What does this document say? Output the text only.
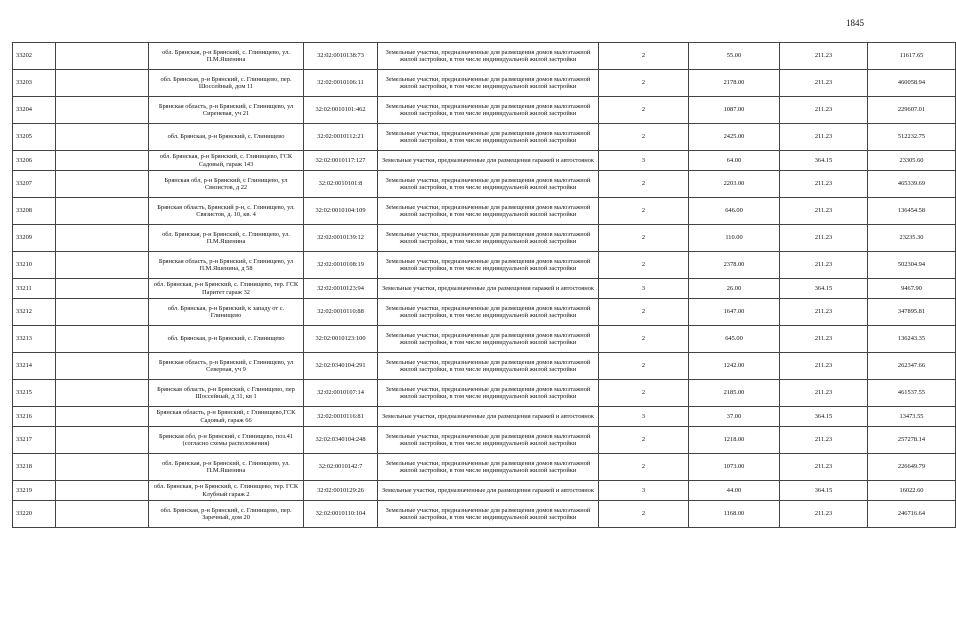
1845
33202		обл. Брянская, р-н Брянский, с. Глинищево, ул. П.М.Яшенина	32:02:0010138:73	Земельные участки, предназначенные для размещения домов малоэтажной жилой застройки, в том числе индивидуальной жилой застройки	2	55.00	211.23	11617.65
33203		обл. Брянская, р-н Брянский, с. Глинищево, пер. Шоссейный, дом 11	32:02:0010106:11	Земельные участки, предназначенные для размещения домов малоэтажной жилой застройки, в том числе индивидуальной жилой застройки	2	2178.00	211.23	460058.94
33204		Брянская область, р-н Брянский, с Глинищево, ул Сиреневая, уч 21	32:02:0010101:462	Земельные участки, предназначенные для размещения домов малоэтажной жилой застройки, в том числе индивидуальной жилой застройки	2	1087.00	211.23	229607.01
33205		обл. Брянская, р-н Брянский, с. Глинищево	32:02:0010112:21	Земельные участки, предназначенные для размещения домов малоэтажной жилой застройки, в том числе индивидуальной жилой застройки	2	2425.00	211.23	512232.75
33206		обл. Брянская, р-н Брянский, с. Глинищево, ГСК Садовый, гараж 143	32:02:0010117:127	Земельные участки, предназначенные для размещения гаражей и автостоянок	3	64.00	364.15	23305.60
33207		Брянская обл, р-н Брянский, с Глинищево, ул Связистов, д 22	32:02:0010101:8	Земельные участки, предназначенные для размещения домов малоэтажной жилой застройки, в том числе индивидуальной жилой застройки	2	2203.00	211.23	465339.69
33208		Брянская область, Брянский р-н, с. Глинищево, ул. Связистов, д. 10, кв. 4	32:02:0010104:109	Земельные участки, предназначенные для размещения домов малоэтажной жилой застройки, в том числе индивидуальной жилой застройки	2	646.00	211.23	136454.58
33209		обл. Брянская, р-н Брянский, с. Глинищево, ул. П.М.Яшенина	32:02:0010139:12	Земельные участки, предназначенные для размещения домов малоэтажной жилой застройки, в том числе индивидуальной жилой застройки	2	110.00	211.23	23235.30
33210		Брянская область, р-н Брянский, с Глинищево, ул П.М.Яшенина, д 58	32:02:0010108:19	Земельные участки, предназначенные для размещения домов малоэтажной жилой застройки, в том числе индивидуальной жилой застройки	2	2378.00	211.23	502304.94
33211		обл. Брянская, р-н Брянский, с. Глинищево, тер. ГСК Паритет гараж 32	32:02:0010123:94	Земельные участки, предназначенные для размещения гаражей и автостоянок	3	26.00	364.15	9467.90
33212		обл. Брянская, р-н Брянский, к западу от с. Глинищево	32:02:0010110:88	Земельные участки, предназначенные для размещения домов малоэтажной жилой застройки, в том числе индивидуальной жилой застройки	2	1647.00	211.23	347895.81
33213		обл. Брянская, р-н Брянский, с. Глинищево	32:02:0010123:100	Земельные участки, предназначенные для размещения домов малоэтажной жилой застройки, в том числе индивидуальной жилой застройки	2	645.00	211.23	136243.35
33214		Брянская область, р-н Брянский, с Глинищево, ул Северная, уч 9	32:02:0340104:291	Земельные участки, предназначенные для размещения домов малоэтажной жилой застройки, в том числе индивидуальной жилой застройки	2	1242.00	211.23	262347.66
33215		Брянская область, р-н Брянский, с Глинищево, пер Шоссейный, д 31, кв 1	32:02:0010107:14	Земельные участки, предназначенные для размещения домов малоэтажной жилой застройки, в том числе индивидуальной жилой застройки	2	2185.00	211.23	461537.55
33216		Брянская область, р-н Брянский, с Глинищево,ГСК Садовый, гараж 66	32:02:0010116:81	Земельные участки, предназначенные для размещения гаражей и автостоянок	3	37.00	364.15	13473.55
33217		Брянская обл, р-н Брянский, с Глинищево, поз.41 (согласно схемы расположения)	32:02:0340104:248	Земельные участки, предназначенные для размещения домов малоэтажной жилой застройки, в том числе индивидуальной жилой застройки	2	1218.00	211.23	257278.14
33218		обл. Брянская, р-н Брянский, с. Глинищево, ул. П.М.Яшенина	32:02:0010142:7	Земельные участки, предназначенные для размещения домов малоэтажной жилой застройки, в том числе индивидуальной жилой застройки	2	1073.00	211.23	226649.79
33219		обл. Брянская, р-н Брянский, с. Глинищево, тер. ГСК Клубный гараж 2	32:02:0010129:26	Земельные участки, предназначенные для размещения гаражей и автостоянок	3	44.00	364.15	16022.60
33220		обл. Брянская, р-н Брянский, с. Глинищево, пер. Заречный, дом 20	32:02:0010110:104	Земельные участки, предназначенные для размещения домов малоэтажной жилой застройки, в том числе индивидуальной жилой застройки	2	1168.00	211.23	246716.64
